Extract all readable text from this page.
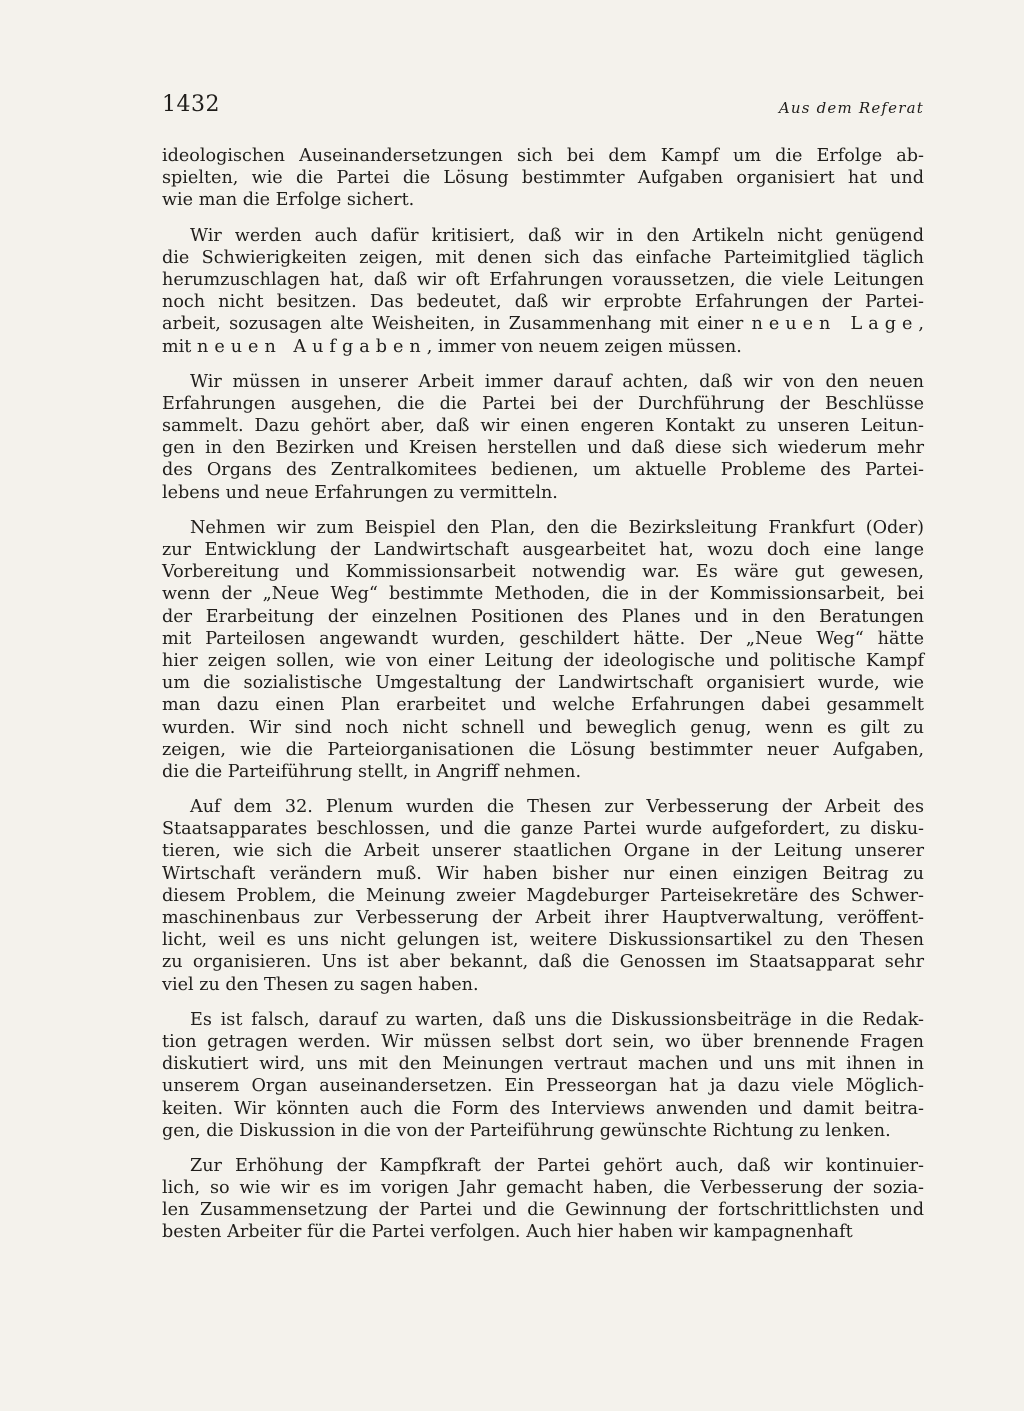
1432	Aus dem Referat
ideologischen Auseinandersetzungen sich bei dem Kampf um die Erfolge ab-
spielten, wie die Partei die Lösung bestimmter Aufgaben organisiert hat und
wie man die Erfolge sichert.
Wir werden auch dafür kritisiert, daß wir in den Artikeln nicht genügend
die Schwierigkeiten zeigen, mit denen sich das einfache Parteimitglied täglich
herumzuschlagen hat, daß wir oft Erfahrungen voraussetzen, die viele Leitungen
noch nicht besitzen. Das bedeutet, daß wir erprobte Erfahrungen der Partei-
arbeit, sozusagen alte Weisheiten, in Zusammenhang mit einer neuen Lage,
mit neuen Aufgaben, immer von neuem zeigen müssen.
Wir müssen in unserer Arbeit immer darauf achten, daß wir von den neuen
Erfahrungen ausgehen, die die Partei bei der Durchführung der Beschlüsse
sammelt. Dazu gehört aber, daß wir einen engeren Kontakt zu unseren Leitun-
gen in den Bezirken und Kreisen herstellen und daß diese sich wiederum mehr
des Organs des Zentralkomitees bedienen, um aktuelle Probleme des Partei-
lebens und neue Erfahrungen zu vermitteln.
Nehmen wir zum Beispiel den Plan, den die Bezirksleitung Frankfurt (Oder)
zur Entwicklung der Landwirtschaft ausgearbeitet hat, wozu doch eine lange
Vorbereitung und Kommissionsarbeit notwendig war. Es wäre gut gewesen,
wenn der „Neue Weg“ bestimmte Methoden, die in der Kommissionsarbeit, bei
der Erarbeitung der einzelnen Positionen des Planes und in den Beratungen
mit Parteilosen angewandt wurden, geschildert hätte. Der „Neue Weg“ hätte
hier zeigen sollen, wie von einer Leitung der ideologische und politische Kampf
um die sozialistische Umgestaltung der Landwirtschaft organisiert wurde, wie
man dazu einen Plan erarbeitet und welche Erfahrungen dabei gesammelt
wurden. Wir sind noch nicht schnell und beweglich genug, wenn es gilt zu
zeigen, wie die Parteiorganisationen die Lösung bestimmter neuer Aufgaben,
die die Parteiführung stellt, in Angriff nehmen.
Auf dem 32. Plenum wurden die Thesen zur Verbesserung der Arbeit des
Staatsapparates beschlossen, und die ganze Partei wurde aufgefordert, zu disku-
tieren, wie sich die Arbeit unserer staatlichen Organe in der Leitung unserer
Wirtschaft verändern muß. Wir haben bisher nur einen einzigen Beitrag zu
diesem Problem, die Meinung zweier Magdeburger Parteisekretäre des Schwer-
maschinenbaus zur Verbesserung der Arbeit ihrer Hauptverwaltung, veröffent-
licht, weil es uns nicht gelungen ist, weitere Diskussionsartikel zu den Thesen
zu organisieren. Uns ist aber bekannt, daß die Genossen im Staatsapparat sehr
viel zu den Thesen zu sagen haben.
Es ist falsch, darauf zu warten, daß uns die Diskussionsbeiträge in die Redak-
tion getragen werden. Wir müssen selbst dort sein, wo über brennende Fragen
diskutiert wird, uns mit den Meinungen vertraut machen und uns mit ihnen in
unserem Organ auseinandersetzen. Ein Presseorgan hat ja dazu viele Möglich-
keiten. Wir könnten auch die Form des Interviews anwenden und damit beitra-
gen, die Diskussion in die von der Parteiführung gewünschte Richtung zu lenken.
Zur Erhöhung der Kampfkraft der Partei gehört auch, daß wir kontinuier-
lich, so wie wir es im vorigen Jahr gemacht haben, die Verbesserung der sozia-
len Zusammensetzung der Partei und die Gewinnung der fortschrittlichsten und
besten Arbeiter für die Partei verfolgen. Auch hier haben wir kampagnenhaft
